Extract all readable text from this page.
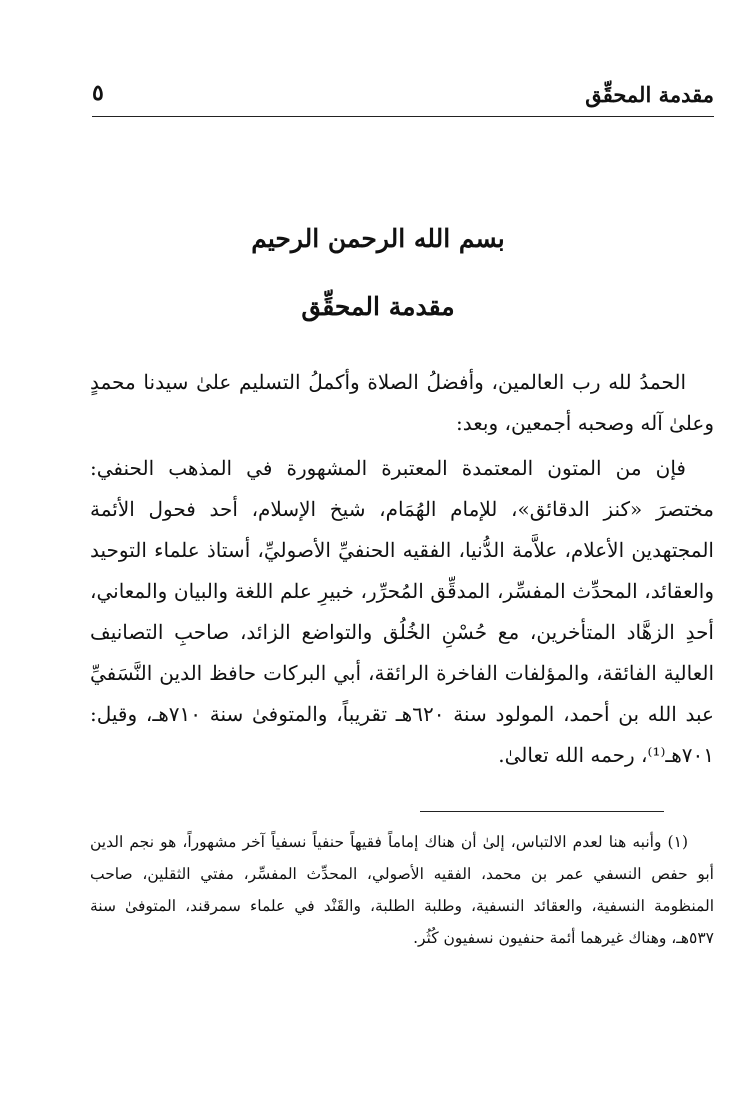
مقدمة المحقِّق
٥
بسم الله الرحمن الرحيم
مقدمة المحقِّق

الحمدُ لله رب العالمين، وأفضلُ الصلاة وأكملُ التسليم علىٰ سيدنا محمدٍ وعلىٰ آله وصحبه أجمعين، وبعد:

فإن من المتون المعتمدة المعتبرة المشهورة في المذهب الحنفي: مختصرَ «كنز الدقائق»، للإمام الهُمَام، شيخ الإسلام، أحد فحول الأئمة المجتهدين الأعلام، علاَّمة الدُّنيا، الفقيه الحنفيِّ الأصوليِّ، أستاذ علماء التوحيد والعقائد، المحدِّث المفسِّر، المدقِّق المُحرِّر، خبيرِ علم اللغة والبيان والمعاني، أحدِ الزهَّاد المتأخرين، مع حُسْنِ الخُلُق والتواضع الزائد، صاحبِ التصانيف العالية الفائقة، والمؤلفات الفاخرة الرائقة، أبي البركات حافظ الدين النَّسَفيِّ عبد الله بن أحمد، المولود سنة ٦٢٠هـ تقريباً، والمتوفىٰ سنة ٧١٠هـ، وقيل: ٧٠١هـ⁽¹⁾، رحمه الله تعالىٰ.

(١) وأنبه هنا لعدم الالتباس، إلىٰ أن هناك إماماً فقيهاً حنفياً نسفياً آخر مشهوراً، هو نجم الدين أبو حفص النسفي عمر بن محمد، الفقيه الأصولي، المحدِّث المفسِّر، مفتي الثقلين، صاحب المنظومة النسفية، والعقائد النسفية، وطلبة الطلبة، والقَنْد في علماء سمرقند، المتوفىٰ سنة ٥٣٧هـ، وهناك غيرهما أئمة حنفيون نسفيون كُثُر.
